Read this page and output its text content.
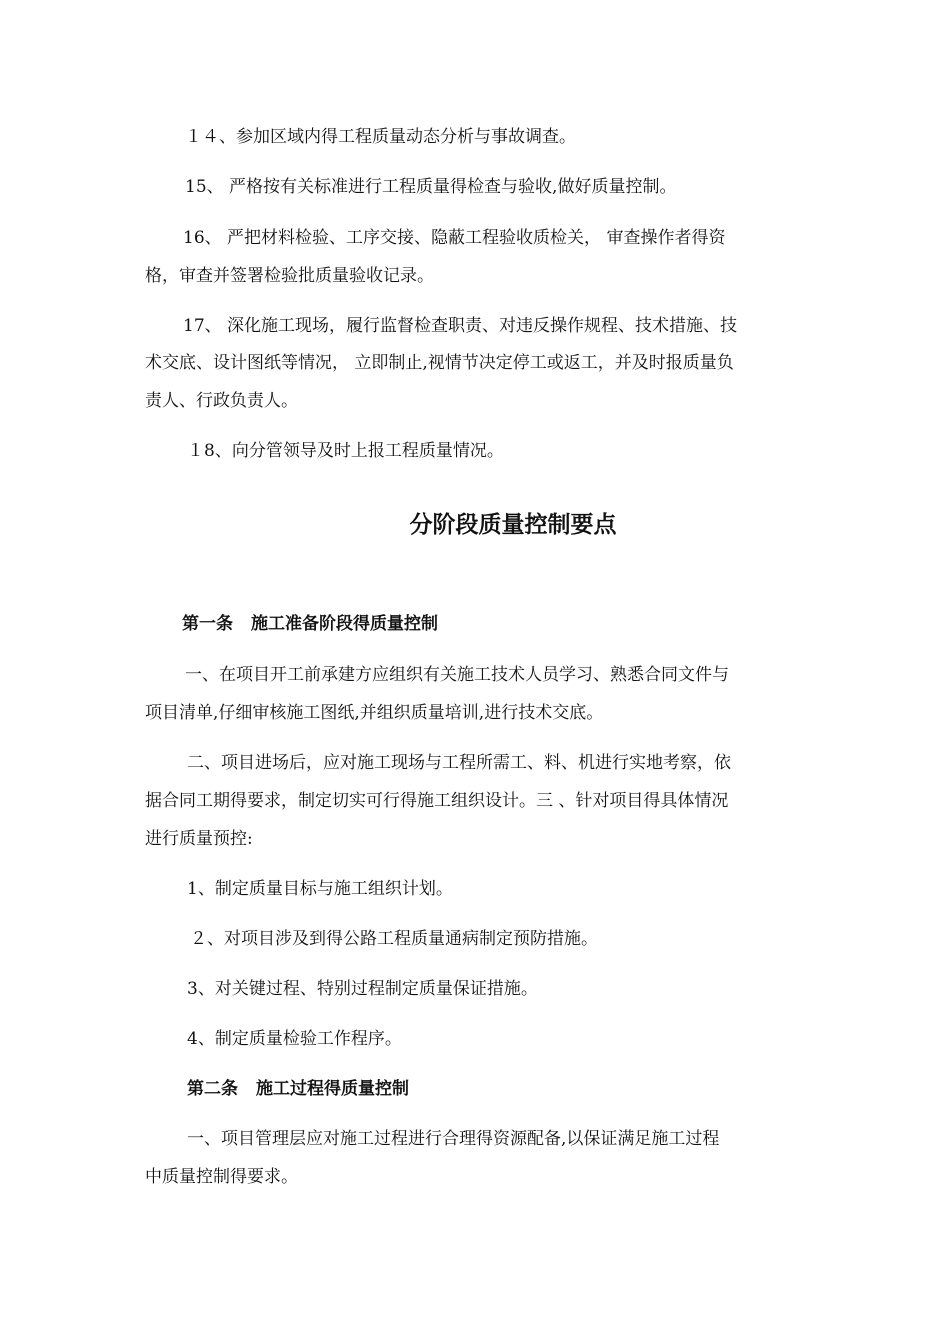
１４、参加区域内得工程质量动态分析与事故调查。

15、 严格按有关标准进行工程质量得检查与验收,做好质量控制。

16、 严把材料检验、工序交接、隐蔽工程验收质检关， 审查操作者得资

格，审查并签署检验批质量验收记录。

17、 深化施工现场，履行监督检查职责、对违反操作规程、技术措施、技

术交底、设计图纸等情况， 立即制止,视情节决定停工或返工，并及时报质量负

责人、行政负责人。

１8、向分管领导及时上报工程质量情况。

分阶段质量控制要点

第一条 施工准备阶段得质量控制

一、在项目开工前承建方应组织有关施工技术人员学习、熟悉合同文件与

项目清单,仔细审核施工图纸,并组织质量培训,进行技术交底。

二、项目进场后，应对施工现场与工程所需工、料、机进行实地考察，依

据合同工期得要求，制定切实可行得施工组织设计。三 、针对项目得具体情况

进行质量预控:

1、制定质量目标与施工组织计划。

２、对项目涉及到得公路工程质量通病制定预防措施。

3、对关键过程、特别过程制定质量保证措施。

4、制定质量检验工作程序。

第二条 施工过程得质量控制

一、项目管理层应对施工过程进行合理得资源配备,以保证满足施工过程

中质量控制得要求。
